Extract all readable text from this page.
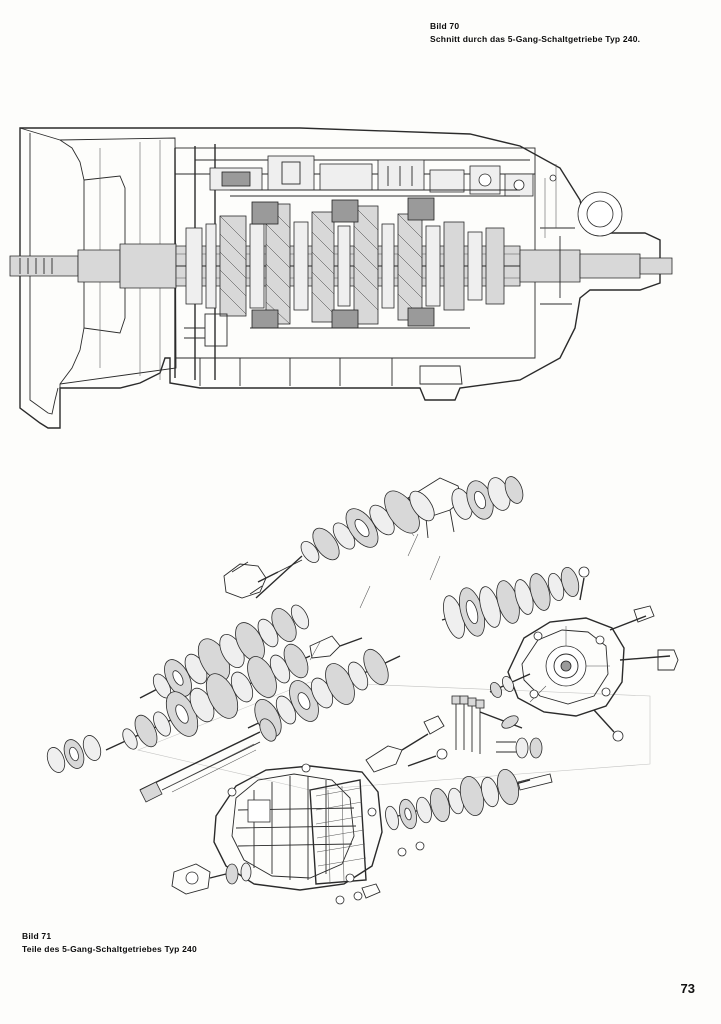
Bild 70
Schnitt durch das 5-Gang-Schaltgetriebe Typ 240.
Bild 71
Teile des 5-Gang-Schaltgetriebes Typ 240
73
